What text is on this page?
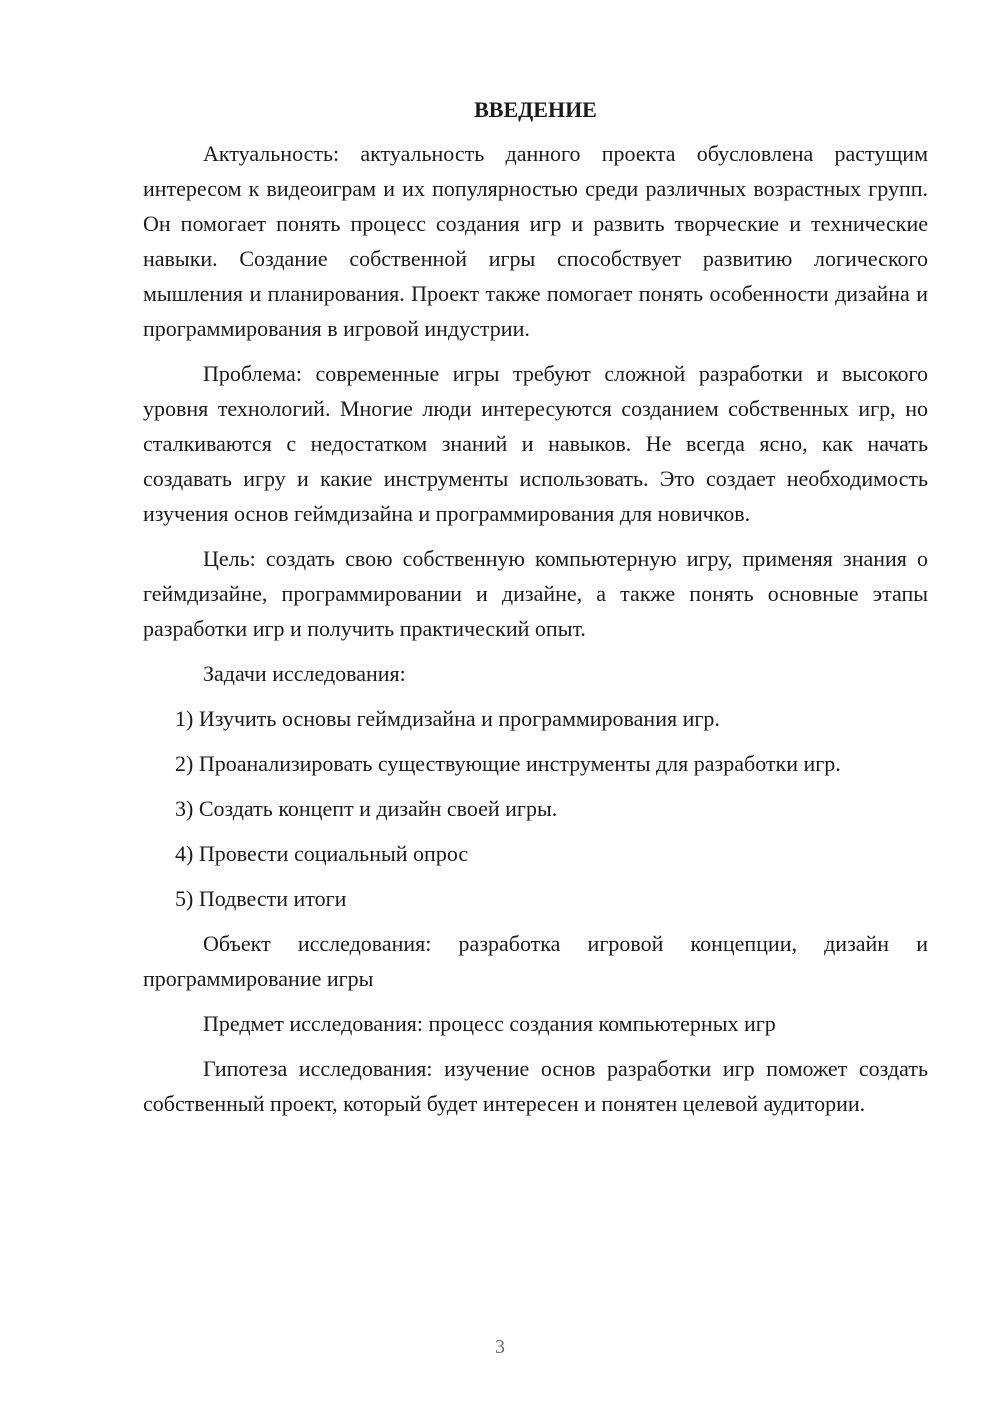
ВВЕДЕНИЕ

Актуальность: актуальность данного проекта обусловлена растущим интересом к видеоиграм и их популярностью среди различных возрастных групп. Он помогает понять процесс создания игр и развить творческие и технические навыки. Создание собственной игры способствует развитию логического мышления и планирования. Проект также помогает понять особенности дизайна и программирования в игровой индустрии.

Проблема: современные игры требуют сложной разработки и высокого уровня технологий. Многие люди интересуются созданием собственных игр, но сталкиваются с недостатком знаний и навыков. Не всегда ясно, как начать создавать игру и какие инструменты использовать. Это создает необходимость изучения основ геймдизайна и программирования для новичков.

Цель: создать свою собственную компьютерную игру, применяя знания о геймдизайне, программировании и дизайне, а также понять основные этапы разработки игр и получить практический опыт.

Задачи исследования:

1) Изучить основы геймдизайна и программирования игр.

2) Проанализировать существующие инструменты для разработки игр.

3) Создать концепт и дизайн своей игры.

4) Провести социальный опрос

5) Подвести итоги

Объект исследования: разработка игровой концепции, дизайн и программирование игры

Предмет исследования: процесс создания компьютерных игр

Гипотеза исследования: изучение основ разработки игр поможет создать собственный проект, который будет интересен и понятен целевой аудитории.

3
